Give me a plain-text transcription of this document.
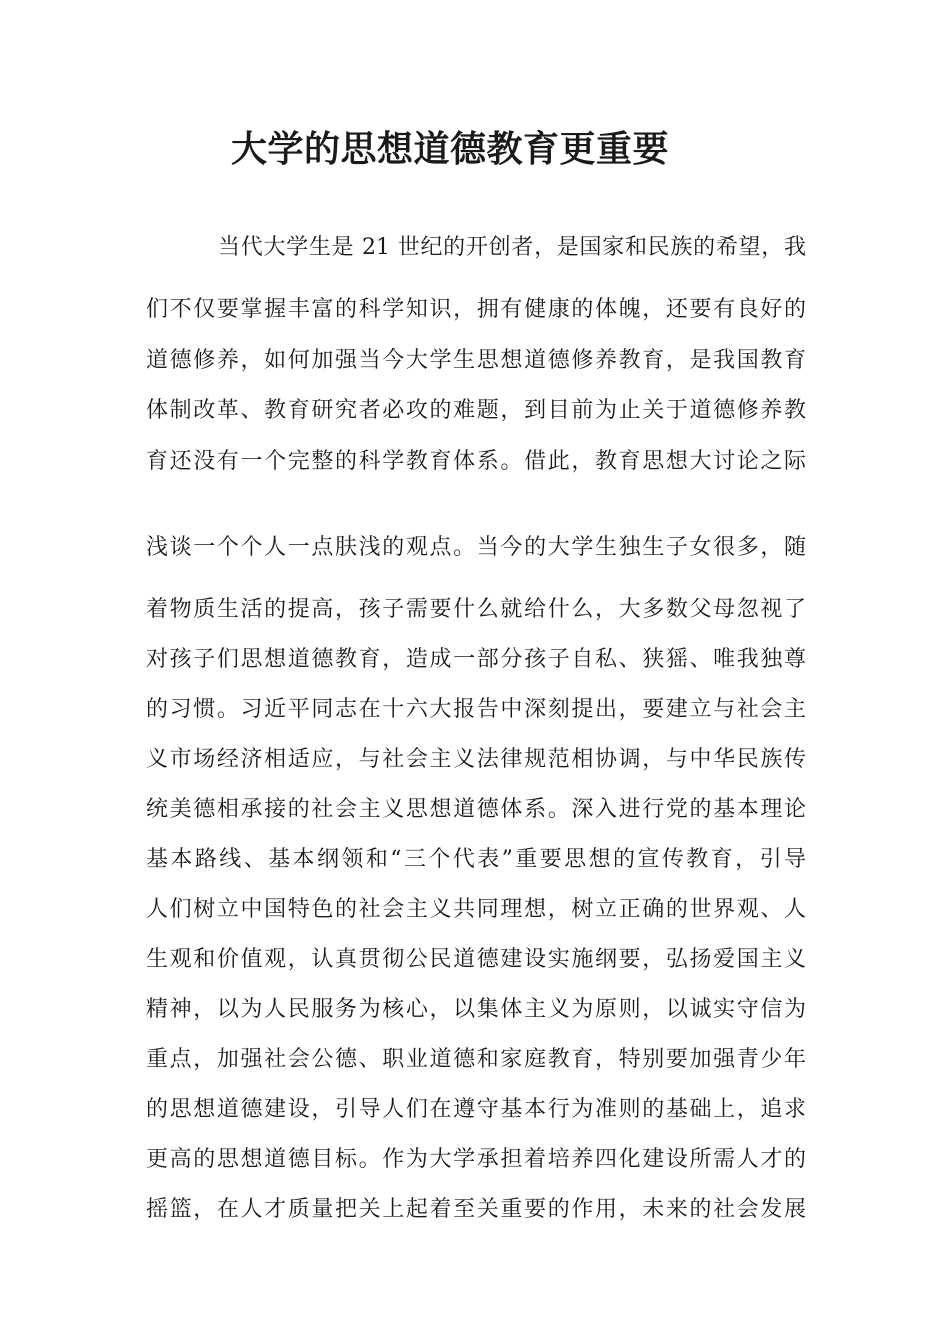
大学的思想道德教育更重要

当代大学生是 21 世纪的开创者，是国家和民族的希望，我

们不仅要掌握丰富的科学知识，拥有健康的体魄，还要有良好的

道德修养，如何加强当今大学生思想道德修养教育，是我国教育

体制改革、教育研究者必攻的难题，到目前为止关于道德修养教

育还没有一个完整的科学教育体系。借此，教育思想大讨论之际

浅谈一个个人一点肤浅的观点。当今的大学生独生子女很多，随

着物质生活的提高，孩子需要什么就给什么，大多数父母忽视了

对孩子们思想道德教育，造成一部分孩子自私、狭猺、唯我独尊

的习惯。习近平同志在十六大报告中深刻提出，要建立与社会主

义市场经济相适应，与社会主义法律规范相协调，与中华民族传

统美德相承接的社会主义思想道德体系。深入进行党的基本理论

基本路线、基本纲领和“三个代表”重要思想的宣传教育，引导

人们树立中国特色的社会主义共同理想，树立正确的世界观、人

生观和价值观，认真贯彻公民道德建设实施纲要，弘扬爱国主义

精神，以为人民服务为核心，以集体主义为原则，以诚实守信为

重点，加强社会公德、职业道德和家庭教育，特别要加强青少年

的思想道德建设，引导人们在遵守基本行为准则的基础上，追求

更高的思想道德目标。作为大学承担着培养四化建设所需人才的

摇篮，在人才质量把关上起着至关重要的作用，未来的社会发展
